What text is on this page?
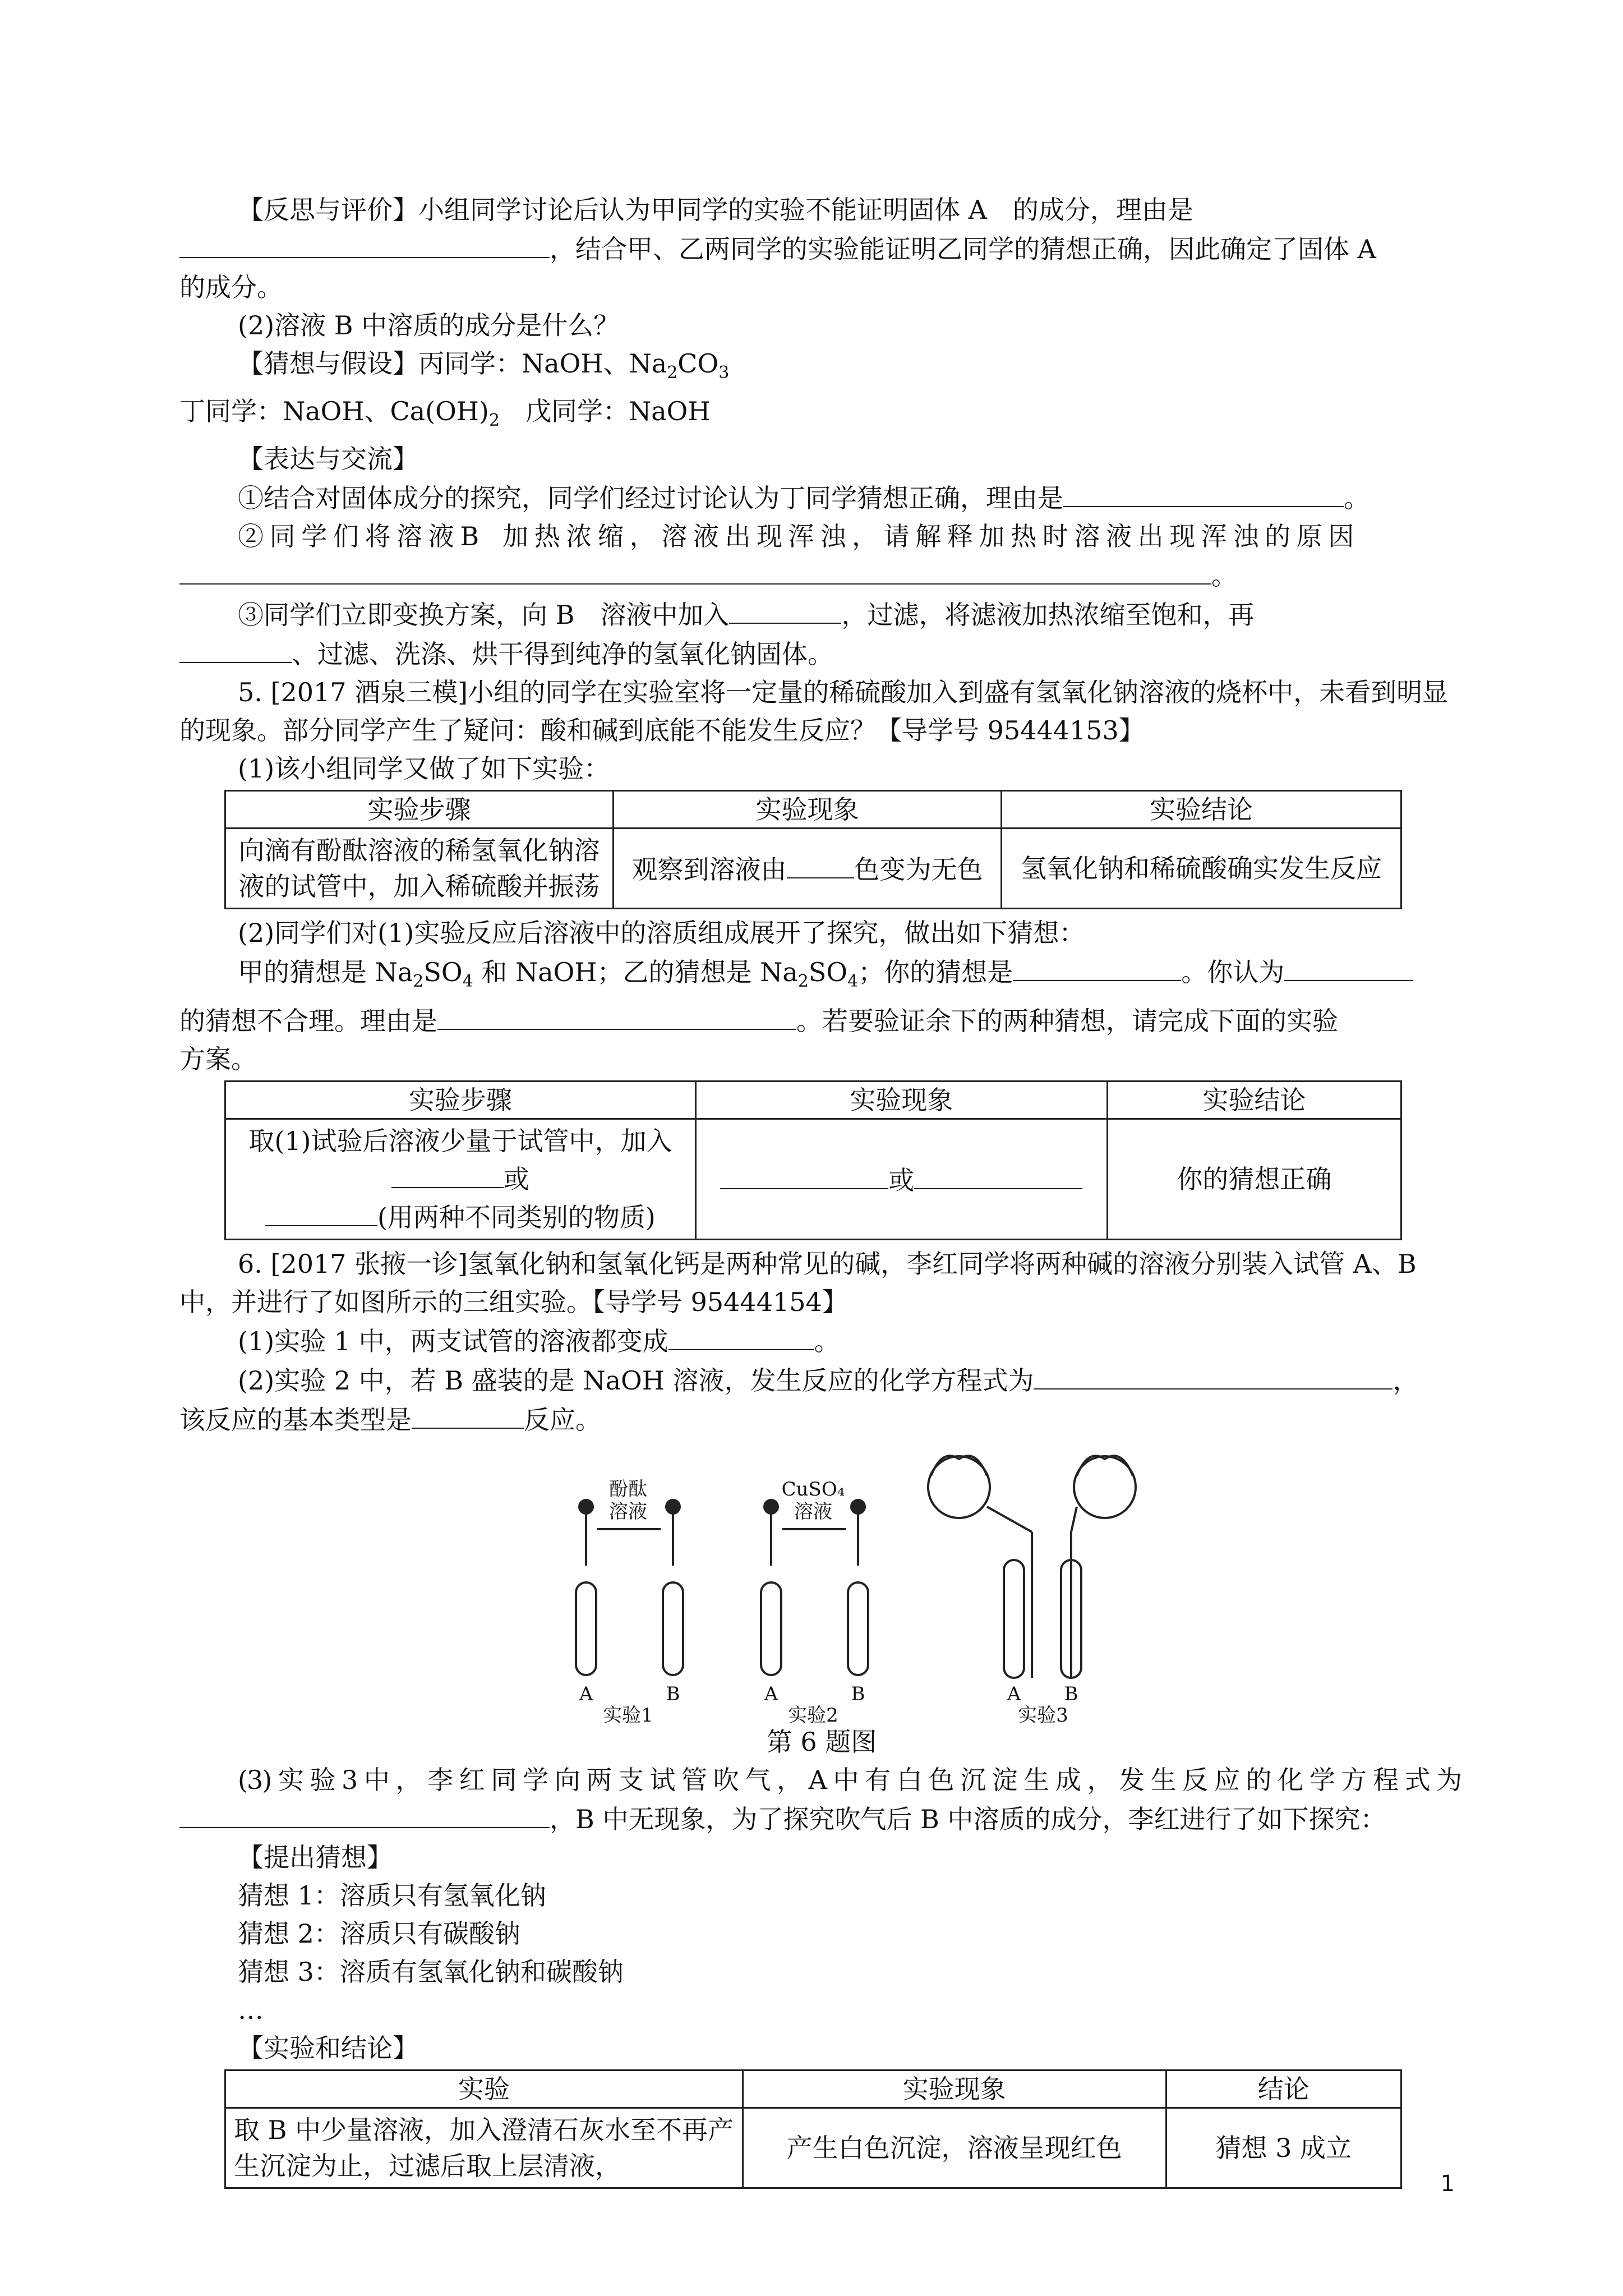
【反思与评价】小组同学讨论后认为甲同学的实验不能证明固体 A　的成分，理由是

，结合甲、乙两同学的实验能证明乙同学的猜想正确，因此确定了固体 A

的成分。

(2)溶液 B 中溶质的成分是什么？

【猜想与假设】丙同学：NaOH、$Na_2CO_3$

丁同学：NaOH、$Ca(OH)_2$　戊同学：NaOH

【表达与交流】

①结合对固体成分的探究，同学们经过讨论认为丁同学猜想正确，理由是	。

② 同 学 们 将 溶 液 B　加 热 浓 缩 ， 溶 液 出 现 浑 浊 ， 请 解 释 加 热 时 溶 液 出 现 浑 浊 的 原 因

。

③同学们立即变换方案，向 B　溶液中加入	，过滤，将滤液加热浓缩至饱和，再

、过滤、洗涤、烘干得到纯净的氢氧化钠固体。

5. [2017 酒泉三模]小组的同学在实验室将一定量的稀硫酸加入到盛有氢氧化钠溶液的烧杯中，未看到明显的现象。部分同学产生了疑问：酸和碱到底能不能发生反应？【导学号 95444153】

(1)该小组同学又做了如下实验：

实验步骤	实验现象	实验结论
向滴有酚酞溶液的稀氢氧化钠溶液的试管中，加入稀硫酸并振荡	观察到溶液由 色变为无色	氢氧化钠和稀硫酸确实发生反应

(2)同学们对(1)实验反应后溶液中的溶质组成展开了探究，做出如下猜想：

甲的猜想是 $Na_2SO_4$ 和 NaOH；乙的猜想是 $Na_2SO_4$；你的猜想是	。你认为

的猜想不合理。理由是	。若要验证余下的两种猜想，请完成下面的实验

方案。

实验步骤	实验现象	实验结论

取(1)试验后溶液少量于试管中，加入
或
(用两种不同类别的物质)	或	你的猜想正确

6. [2017 张掖一诊]氢氧化钠和氢氧化钙是两种常见的碱，李红同学将两种碱的溶液分别装入试管 A、B 中，并进行了如图所示的三组实验。【导学号 95444154】

(1)实验 1 中，两支试管的溶液都变成	。

(2)实验 2 中，若 B 盛装的是 NaOH 溶液，发生反应的化学方程式为	，

该反应的基本类型是	反应。

酚酞
溶液
CuSO₄
溶液
A	B	A	B	A B
实验1	实验2	实验3

第 6 题图

(3) 实 验 3 中 ， 李 红 同 学 向 两 支 试 管 吹 气 ， A 中 有 白 色 沉 淀 生 成 ， 发 生 反 应 的 化 学 方 程 式 为

，B 中无现象，为了探究吹气后 B 中溶质的成分，李红进行了如下探究：

【提出猜想】

猜想 1：溶质只有氢氧化钠

猜想 2：溶质只有碳酸钠

猜想 3：溶质有氢氧化钠和碳酸钠

…

【实验和结论】

实验	实验现象	结论
取 B 中少量溶液，加入澄清石灰水至不再产生沉淀为止，过滤后取上层清液，	产生白色沉淀，溶液呈现红色	猜想 3 成立
1
